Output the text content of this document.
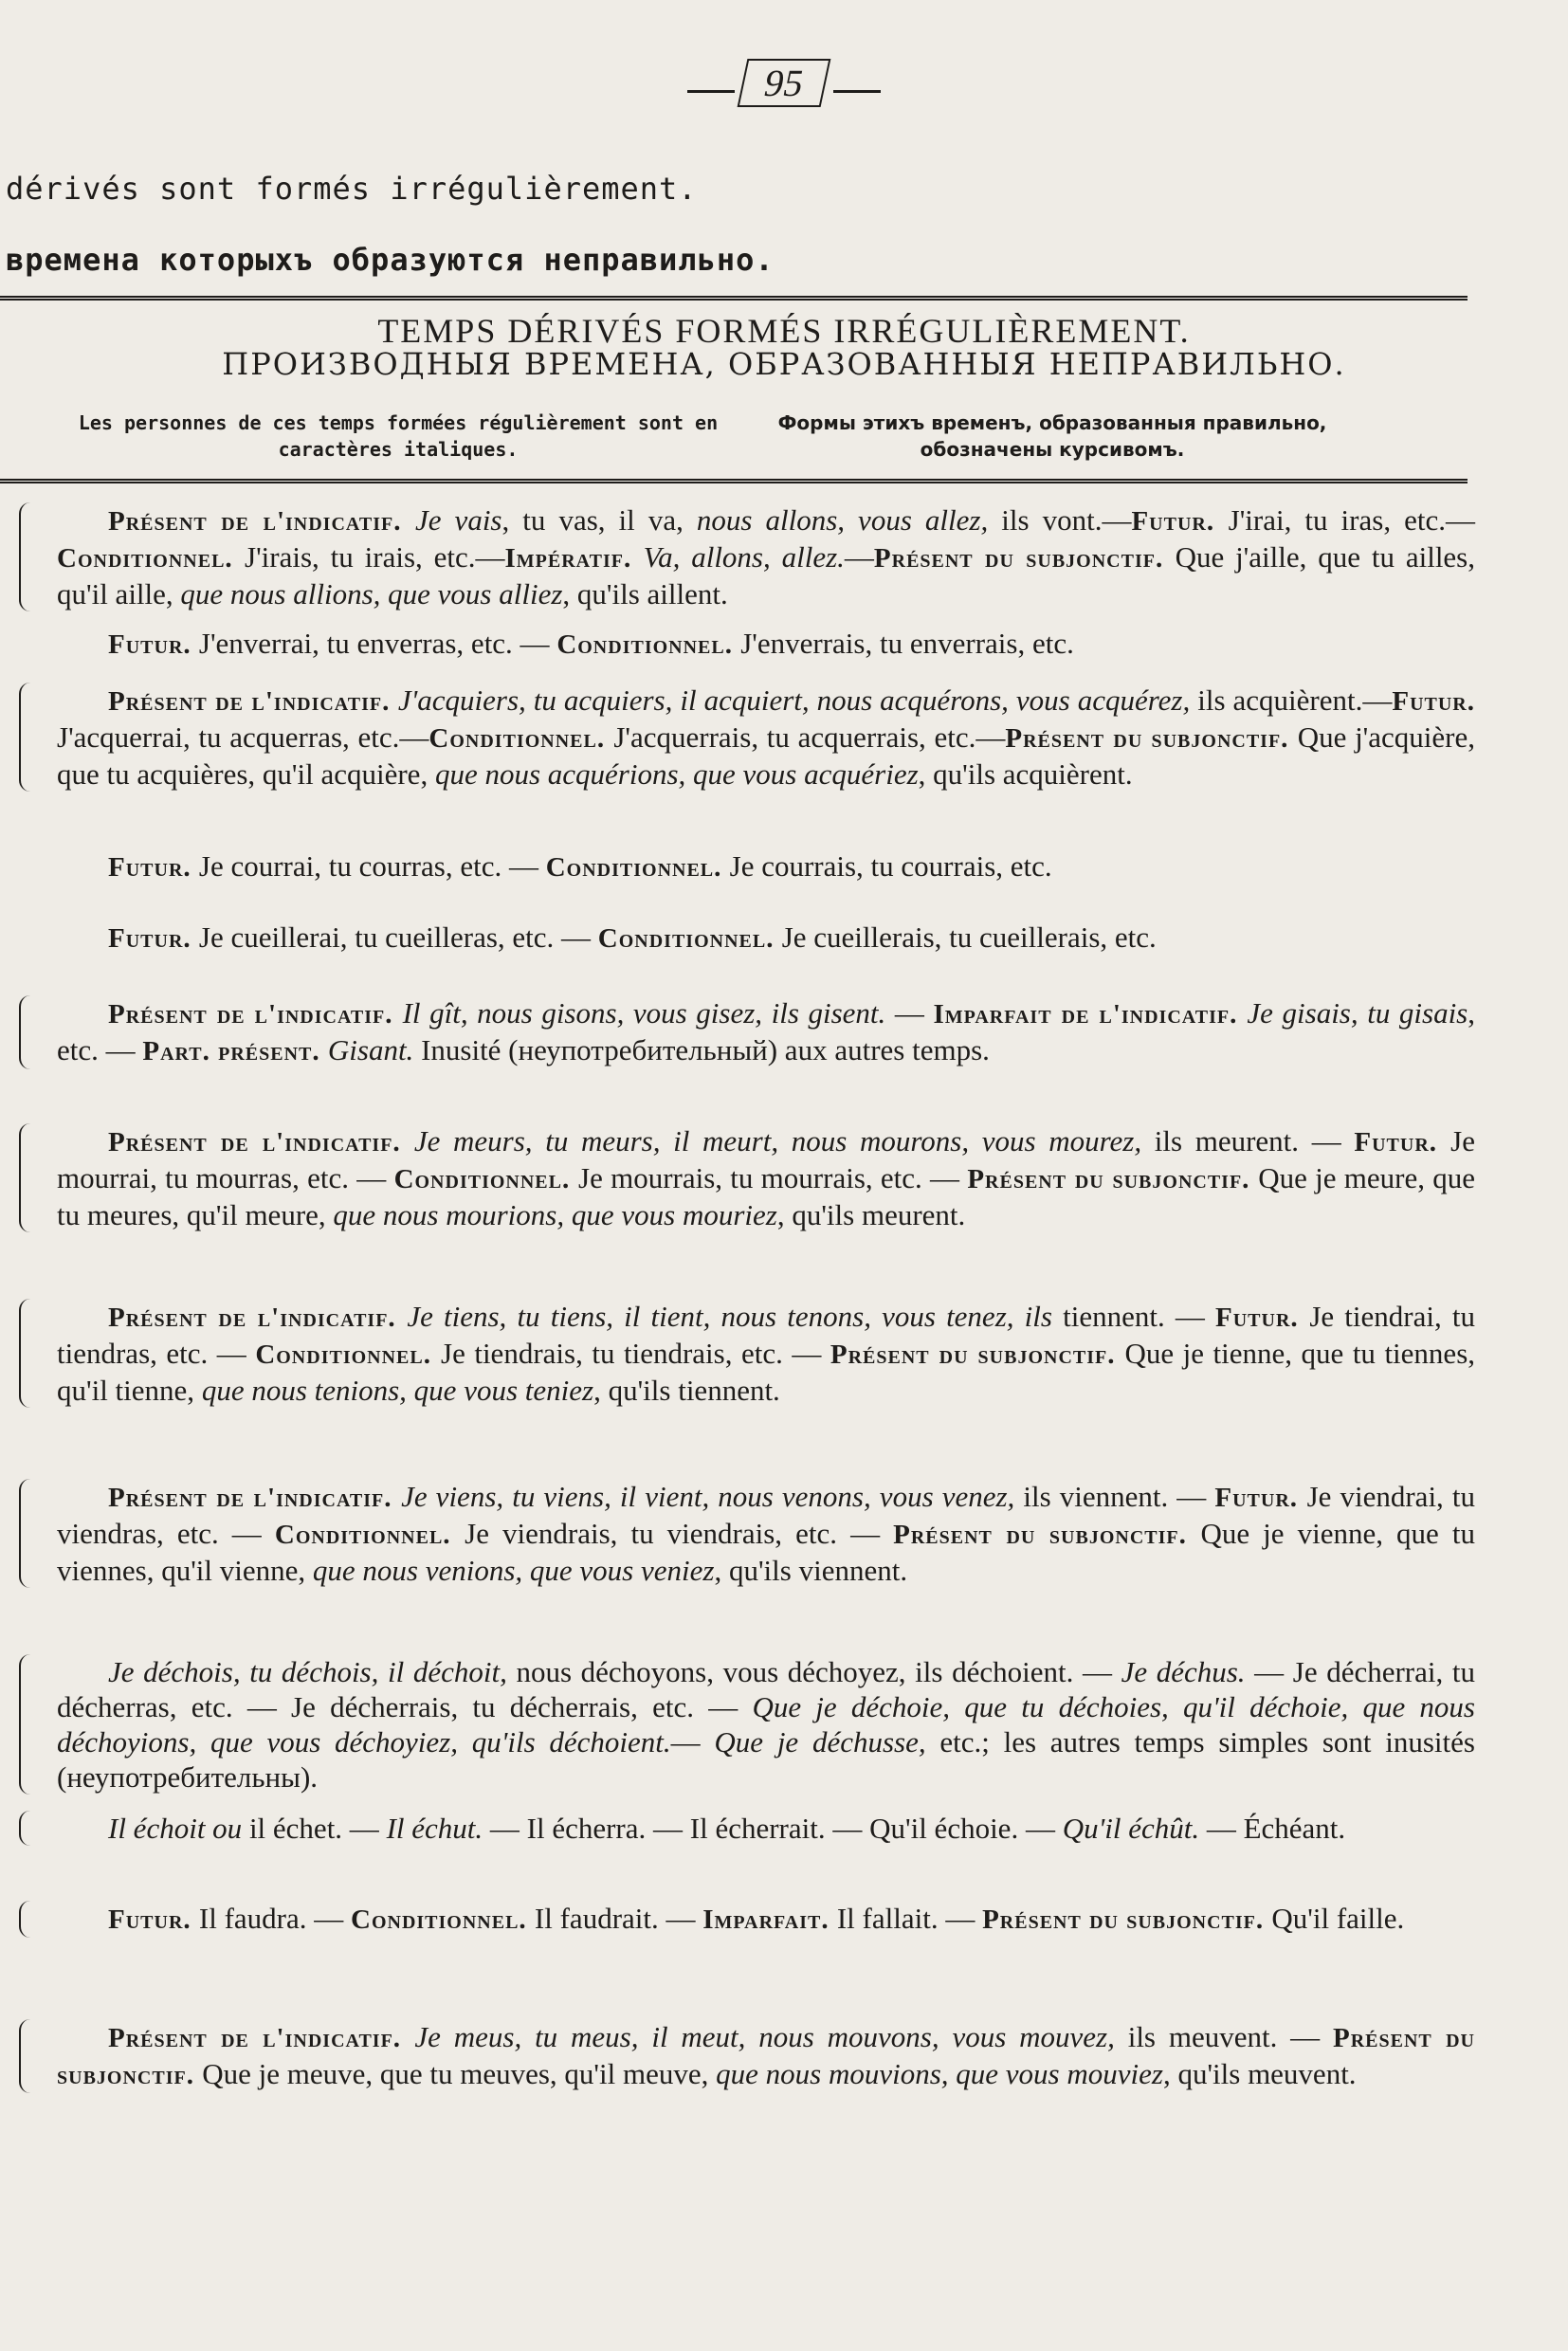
95
dérivés sont formés irrégulièrement.
времена которыхъ образуются неправильно.
TEMPS DÉRIVÉS FORMÉS IRRÉGULIÈREMENT.
ПРОИЗВОДНЫЯ ВРЕМЕНА, ОБРАЗОВАННЫЯ НЕПРАВИЛЬНО.
Les personnes de ces temps formées régulièrement sont en caractères italiques.
Формы этихъ временъ, образованныя правильно, обозначены курсивомъ.

Présent de l'indicatif. Je vais, tu vas, il va, nous allons, vous allez, ils vont.—Futur. J'irai, tu iras, etc.—Conditionnel. J'irais, tu irais, etc.—Impératif. Va, allons, allez.—Présent du subjonctif. Que j'aille, que tu ailles, qu'il aille, que nous allions, que vous alliez, qu'ils aillent.

Futur. J'enverrai, tu enverras, etc. — Conditionnel. J'enverrais, tu enverrais, etc.

Présent de l'indicatif. J'acquiers, tu acquiers, il acquiert, nous acquérons, vous acquérez, ils acquièrent.—Futur. J'acquerrai, tu acquerras, etc.—Conditionnel. J'acquerrais, tu acquerrais, etc.—Présent du subjonctif. Que j'acquière, que tu acquières, qu'il acquière, que nous acquérions, que vous acquériez, qu'ils acquièrent.

Futur. Je courrai, tu courras, etc. — Conditionnel. Je courrais, tu courrais, etc.

Futur. Je cueillerai, tu cueilleras, etc. — Conditionnel. Je cueillerais, tu cueillerais, etc.

Présent de l'indicatif. Il gît, nous gisons, vous gisez, ils gisent. — Imparfait de l'indicatif. Je gisais, tu gisais, etc. — Part. présent. Gisant. Inusité (неупотребительный) aux autres temps.

Présent de l'indicatif. Je meurs, tu meurs, il meurt, nous mourons, vous mourez, ils meurent. — Futur. Je mourrai, tu mourras, etc. — Conditionnel. Je mourrais, tu mourrais, etc. — Présent du subjonctif. Que je meure, que tu meures, qu'il meure, que nous mourions, que vous mouriez, qu'ils meurent.

Présent de l'indicatif. Je tiens, tu tiens, il tient, nous tenons, vous tenez, ils tiennent. — Futur. Je tiendrai, tu tiendras, etc. — Conditionnel. Je tiendrais, tu tiendrais, etc. — Présent du subjonctif. Que je tienne, que tu tiennes, qu'il tienne, que nous tenions, que vous teniez, qu'ils tiennent.

Présent de l'indicatif. Je viens, tu viens, il vient, nous venons, vous venez, ils viennent. — Futur. Je viendrai, tu viendras, etc. — Conditionnel. Je viendrais, tu viendrais, etc. — Présent du subjonctif. Que je vienne, que tu viennes, qu'il vienne, que nous venions, que vous veniez, qu'ils viennent.

Je déchois, tu déchois, il déchoit, nous déchoyons, vous déchoyez, ils déchoient. — Je déchus. — Je décherrai, tu décherras, etc. — Je décherrais, tu décherrais, etc. — Que je déchoie, que tu déchoies, qu'il déchoie, que nous déchoyions, que vous déchoyiez, qu'ils déchoient.— Que je déchusse, etc.; les autres temps simples sont inusités (неупотребительны).

Il échoit ou il échet. — Il échut. — Il écherra. — Il écherrait. — Qu'il échoie. — Qu'il échût. — Échéant.

Futur. Il faudra. — Conditionnel. Il faudrait. — Imparfait. Il fallait. — Présent du subjonctif. Qu'il faille.

Présent de l'indicatif. Je meus, tu meus, il meut, nous mouvons, vous mouvez, ils meuvent. — Présent du subjonctif. Que je meuve, que tu meuves, qu'il meuve, que nous mouvions, que vous mouviez, qu'ils meuvent.
